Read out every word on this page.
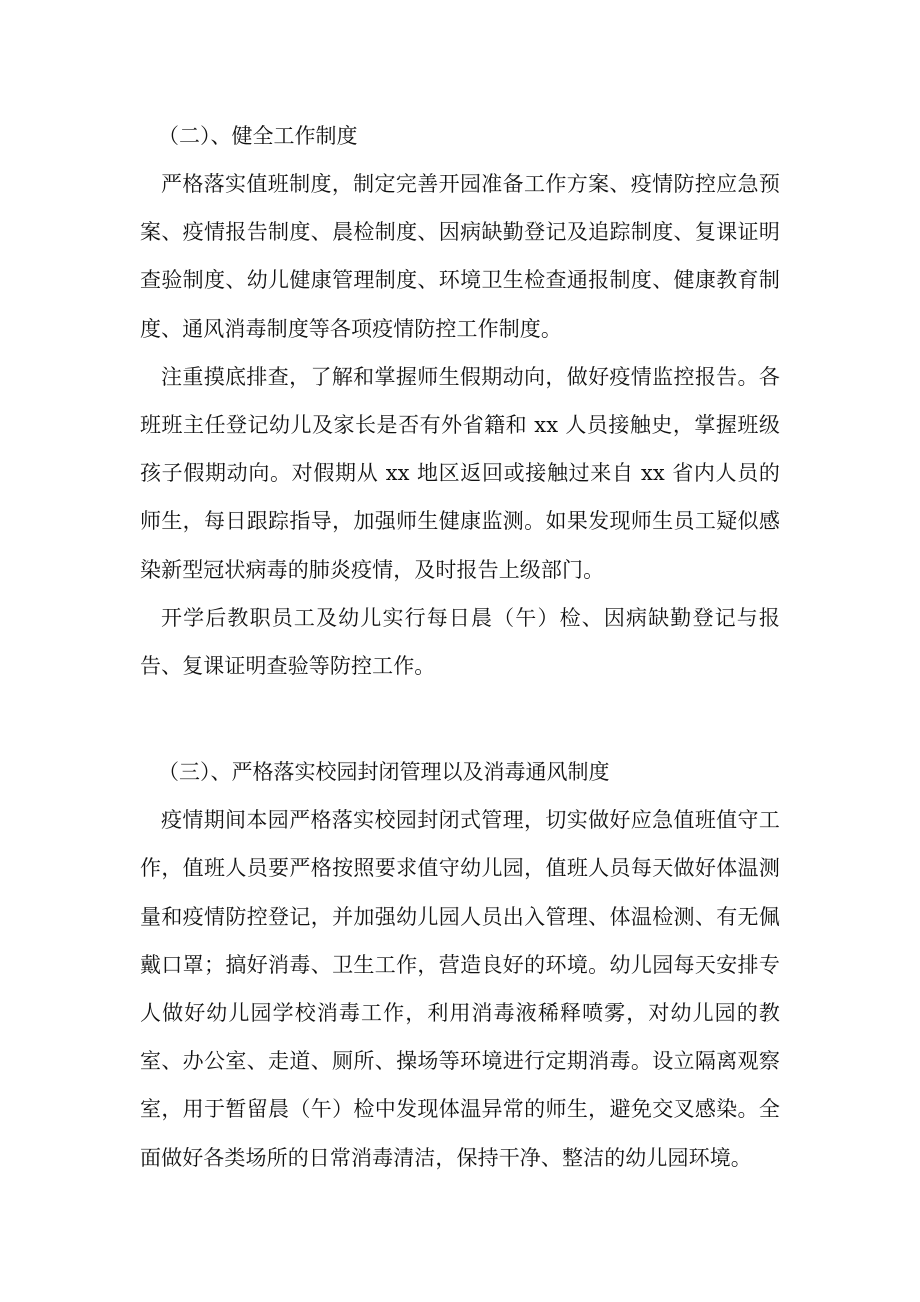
（二）、健全工作制度

严格落实值班制度，制定完善开园准备工作方案、疫情防控应急预案、疫情报告制度、晨检制度、因病缺勤登记及追踪制度、复课证明查验制度、幼儿健康管理制度、环境卫生检查通报制度、健康教育制度、通风消毒制度等各项疫情防控工作制度。

注重摸底排查，了解和掌握师生假期动向，做好疫情监控报告。各班班主任登记幼儿及家长是否有外省籍和 xx 人员接触史，掌握班级孩子假期动向。对假期从 xx 地区返回或接触过来自 xx 省内人员的师生，每日跟踪指导，加强师生健康监测。如果发现师生员工疑似感染新型冠状病毒的肺炎疫情，及时报告上级部门。

开学后教职员工及幼儿实行每日晨（午）检、因病缺勤登记与报告、复课证明查验等防控工作。

（三）、严格落实校园封闭管理以及消毒通风制度

疫情期间本园严格落实校园封闭式管理，切实做好应急值班值守工作，值班人员要严格按照要求值守幼儿园，值班人员每天做好体温测量和疫情防控登记，并加强幼儿园人员出入管理、体温检测、有无佩戴口罩；搞好消毒、卫生工作，营造良好的环境。幼儿园每天安排专人做好幼儿园学校消毒工作，利用消毒液稀释喷雾，对幼儿园的教室、办公室、走道、厕所、操场等环境进行定期消毒。设立隔离观察室，用于暂留晨（午）检中发现体温异常的师生，避免交叉感染。全面做好各类场所的日常消毒清洁，保持干净、整洁的幼儿园环境。
